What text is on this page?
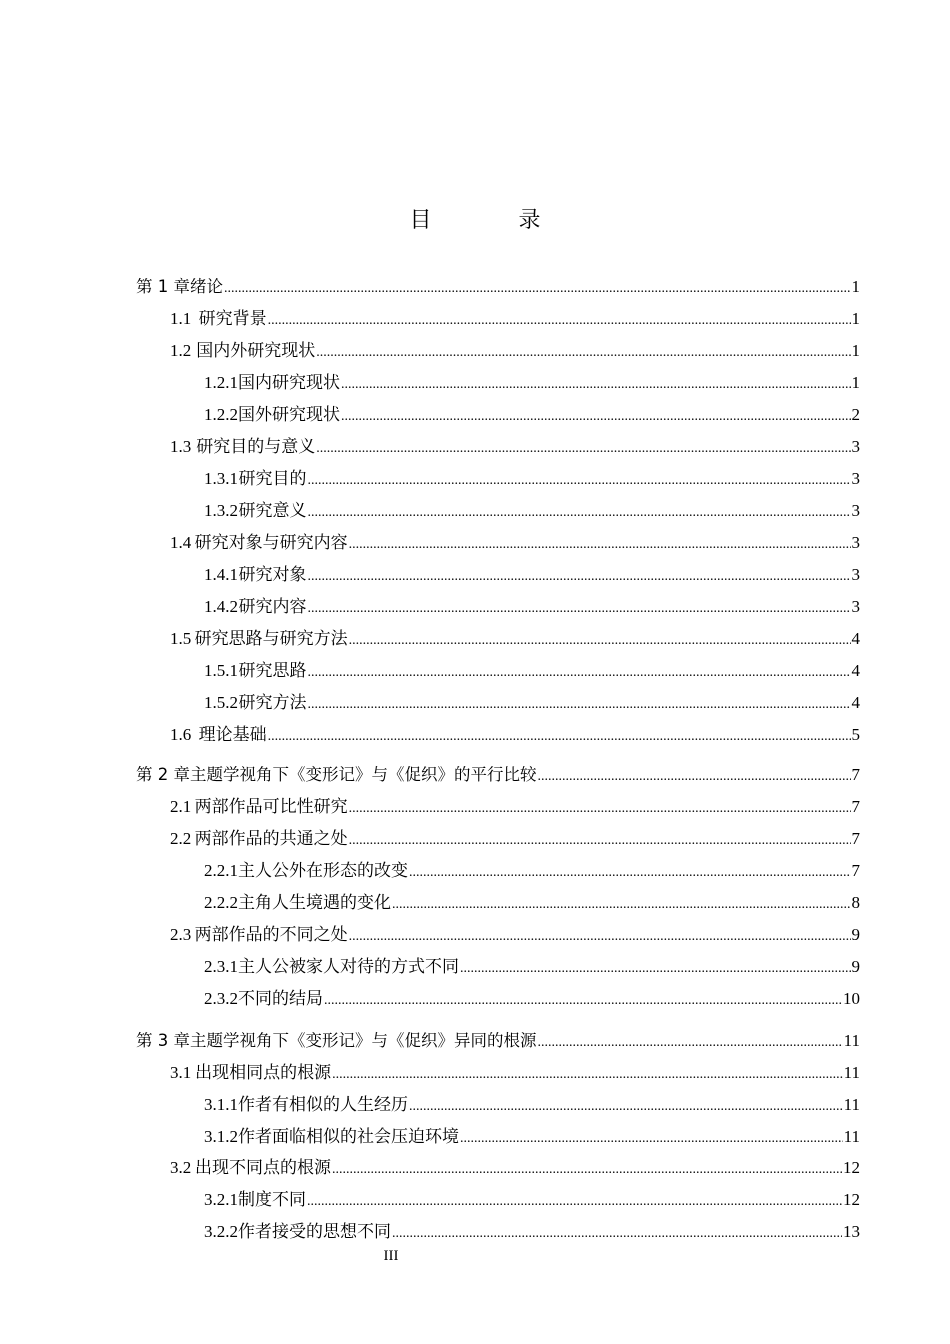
目 录
第 1 章 绪论 .....	1
1.1 研究背景 .....	1
1.2 国内外研究现状 .....	1
1.2.1 国内研究现状 .....	1
1.2.2 国外研究现状 .....	2
1.3 研究目的与意义 .....	3
1.3.1 研究目的 .....	3
1.3.2 研究意义 .....	3
1.4 研究对象与研究内容 .....	3
1.4.1 研究对象 .....	3
1.4.2 研究内容 .....	3
1.5 研究思路与研究方法 .....	4
1.5.1 研究思路 .....	4
1.5.2 研究方法 .....	4
1.6 理论基础 .....	5
第 2 章 主题学视角下《变形记》与《促织》的平行比较 .....	7
2.1 两部作品可比性研究 .....	7
2.2 两部作品的共通之处 .....	7
2.2.1 主人公外在形态的改变 .....	7
2.2.2 主角人生境遇的变化 .....	8
2.3 两部作品的不同之处 .....	9
2.3.1 主人公被家人对待的方式不同 .....	9
2.3.2 不同的结局 .....	10
第 3 章 主题学视角下《变形记》与《促织》异同的根源 .....	11
3.1 出现相同点的根源 .....	11
3.1.1 作者有相似的人生经历 .....	11
3.1.2 作者面临相似的社会压迫环境 .....	11
3.2 出现不同点的根源 .....	12
3.2.1 制度不同 .....	12
3.2.2 作者接受的思想不同 .....	13
III
